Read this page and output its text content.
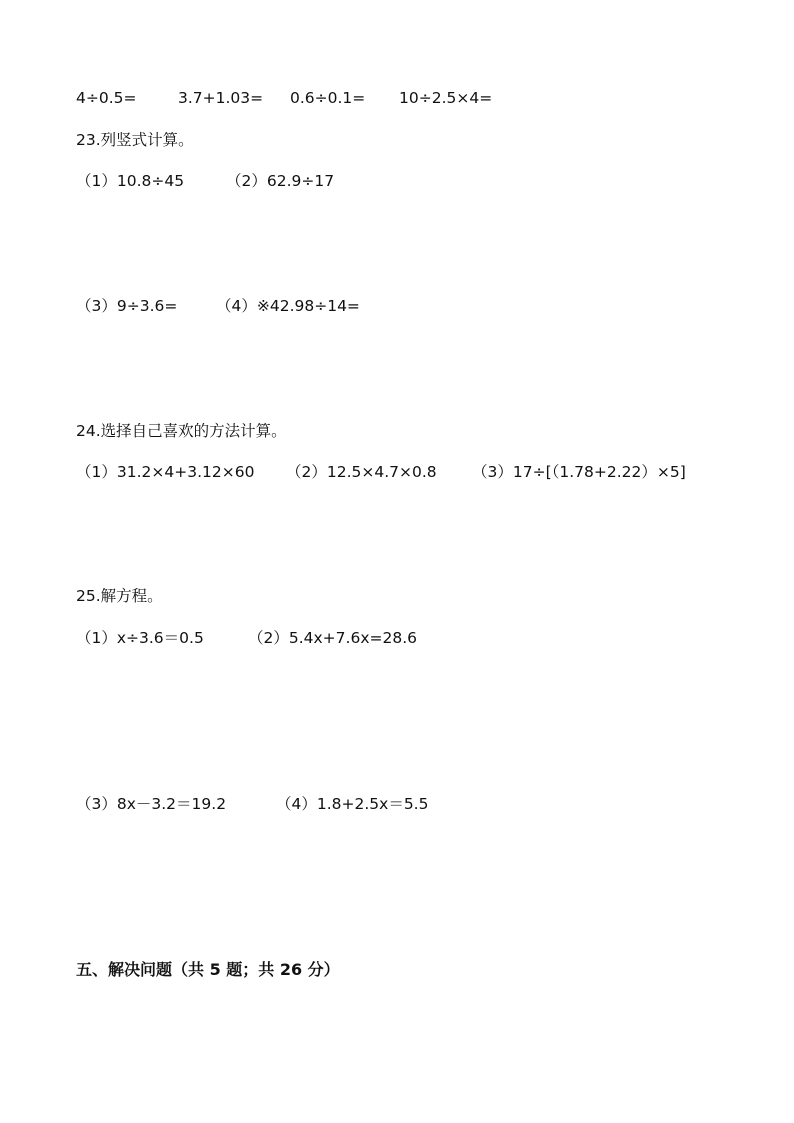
4÷0.5=	3.7+1.03= 0.6÷0.1= 10÷2.5×4=
23.列竖式计算。
（1）10.8÷45	（2）62.9÷17
（3）9÷3.6= （4）※42.98÷14=
24.选择自己喜欢的方法计算。
（1）31.2×4+3.12×60 （2）12.5×4.7×0.8 （3）17÷[（1.78+2.22）×5]
25.解方程。
（1）x÷3.6＝0.5	（2）5.4x+7.6x=28.6
（3）8x－3.2＝19.2	（4）1.8+2.5x＝5.5
五、解决问题（共 5 题；共 26 分）
